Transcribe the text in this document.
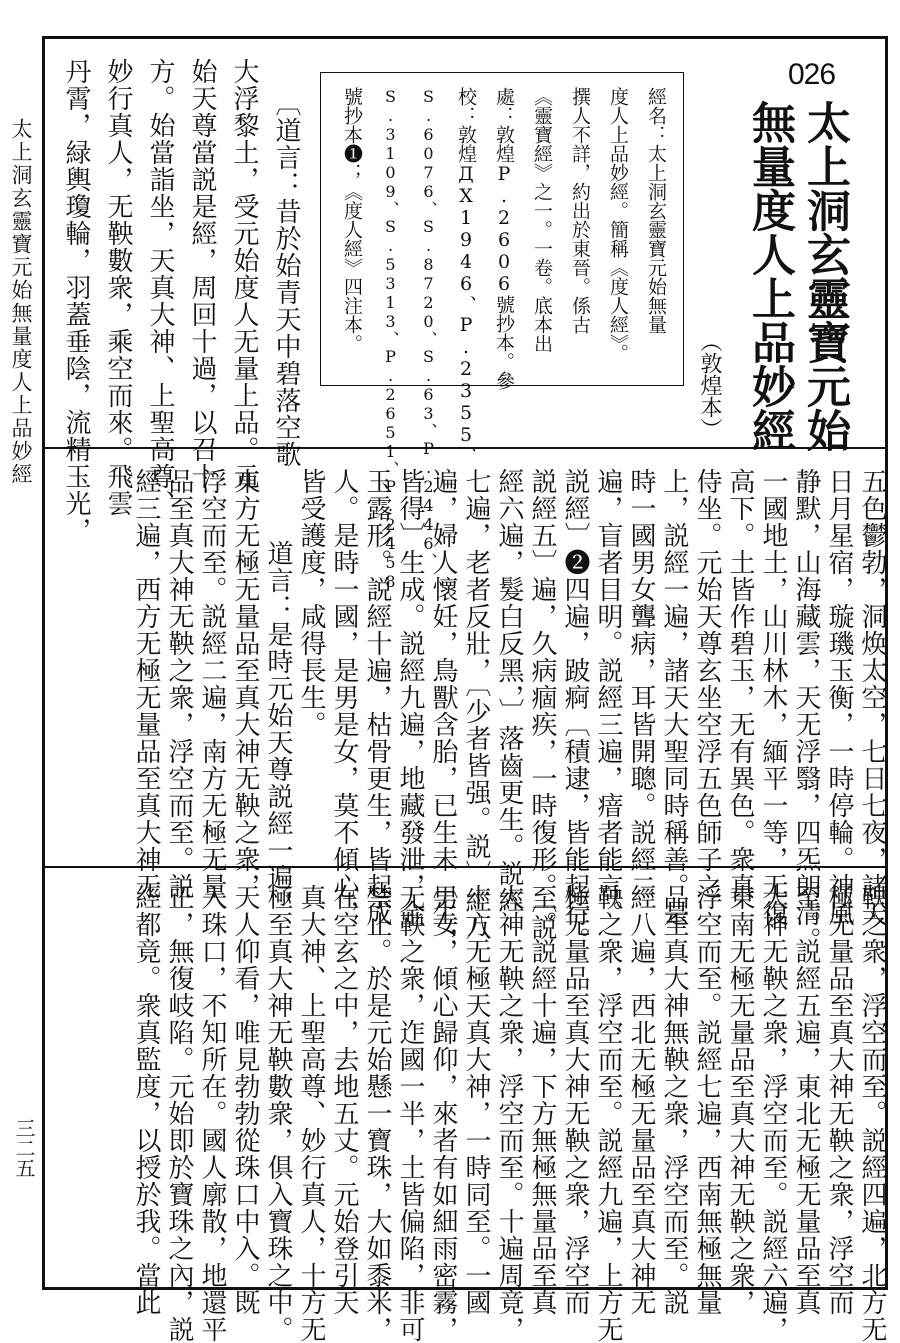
太上洞玄靈寶元始無量度人上品妙經
三二五
026
太上洞玄靈寶元始
無量度人上品妙經
（敦煌本）
經名：太上洞玄靈寶元始無量
度人上品妙經。簡稱《度人經》。
撰人不詳，約出於東晉。係古
《靈寶經》之一。一卷。底本出
處：敦煌P.2606號抄本。參
校：敦煌ДX1946、P.2355、
S.6076、S.8720、S.63、P.2446、
S.3109、S.5313、P.2651、P.2458
號抄本❶；《度人經》四注本。
〔道言：昔於始青天中碧落空歌
大浮黎土，受元始度人无量上品。元
始天尊當説是經，周回十過，以召十
方。始當詣坐，天真大神、上聖高尊、
妙行真人，无鞅數衆，乘空而來。飛雲
丹霄，緑輿瓊輪，羽蓋垂陰，流精玉光，
五色鬱勃，洞焕太空，七日七夜，諸天
日月星宿，璇璣玉衡，一時停輪。神風
静默，山海藏雲，天无浮翳，四炁朗清。
一國地土，山川林木，緬平一等，无復
高下。土皆作碧玉，无有異色。衆真
侍坐。元始天尊玄坐空浮五色師子之
上，説經一遍，諸天大聖同時稱善。是
時一國男女聾病，耳皆開聰。説經二
遍，盲者目明。説經三遍，瘖者能言。
説經〕❷四遍，跛痾〔積逮，皆能起行。
説經五〕遍，久病痼疾，一時復形。〔説
經六遍，髮白反黑，〕落齒更生。説經
七遍，老者反壯，〔少者皆强。説〕經八
遍，婦人懷妊，鳥獸含胎，已生未〔生，
皆得〕生成。説經九遍，地藏發泄，金
玉露形。説經十遍，枯骨更生，皆起成
人。是時一國，是男是女，莫不傾心，
皆受護度，咸得長生。
道言：是時元始天尊説經一遍，
東方无極无量品至真大神无鞅之衆，
浮空而至。説經二遍，南方无極无量
品至真大神无鞅之衆，浮空而至。説
經三遍，西方无極无量品至真大神无
鞅之衆，浮空而至。説經四遍，北方无
極无量品至真大神无鞅之衆，浮空而
至。説經五遍，東北无極无量品至真
大神无鞅之衆，浮空而至。説經六遍，
東南无極无量品至真大神无鞅之衆，
浮空而至。説經七遍，西南無極無量
品至真大神無鞅之衆，浮空而至。説
經八遍，西北无極无量品至真大神无
鞅之衆，浮空而至。説經九遍，上方无
極无量品至真大神无鞅之衆，浮空而
至。説經十遍，下方無極無量品至真
大神无鞅之衆，浮空而至。十遍周竟，
十方无極天真大神，一時同至。一國
男女，傾心歸仰，來者有如細雨密霧，
无鞅之衆，迮國一半，土皆偏陷，非可
禁止。於是元始懸一寶珠，大如黍米，
在空玄之中，去地五丈。元始登引天
真大神、上聖高尊、妙行真人，十方无
極至真大神无鞅數衆，俱入寶珠之中。
天人仰看，唯見勃勃從珠口中入。既
入珠口，不知所在。國人廓散，地還平
正，無復岐陷。元始即於寶珠之內，説
經都竟。衆真監度，以授於我。當此
